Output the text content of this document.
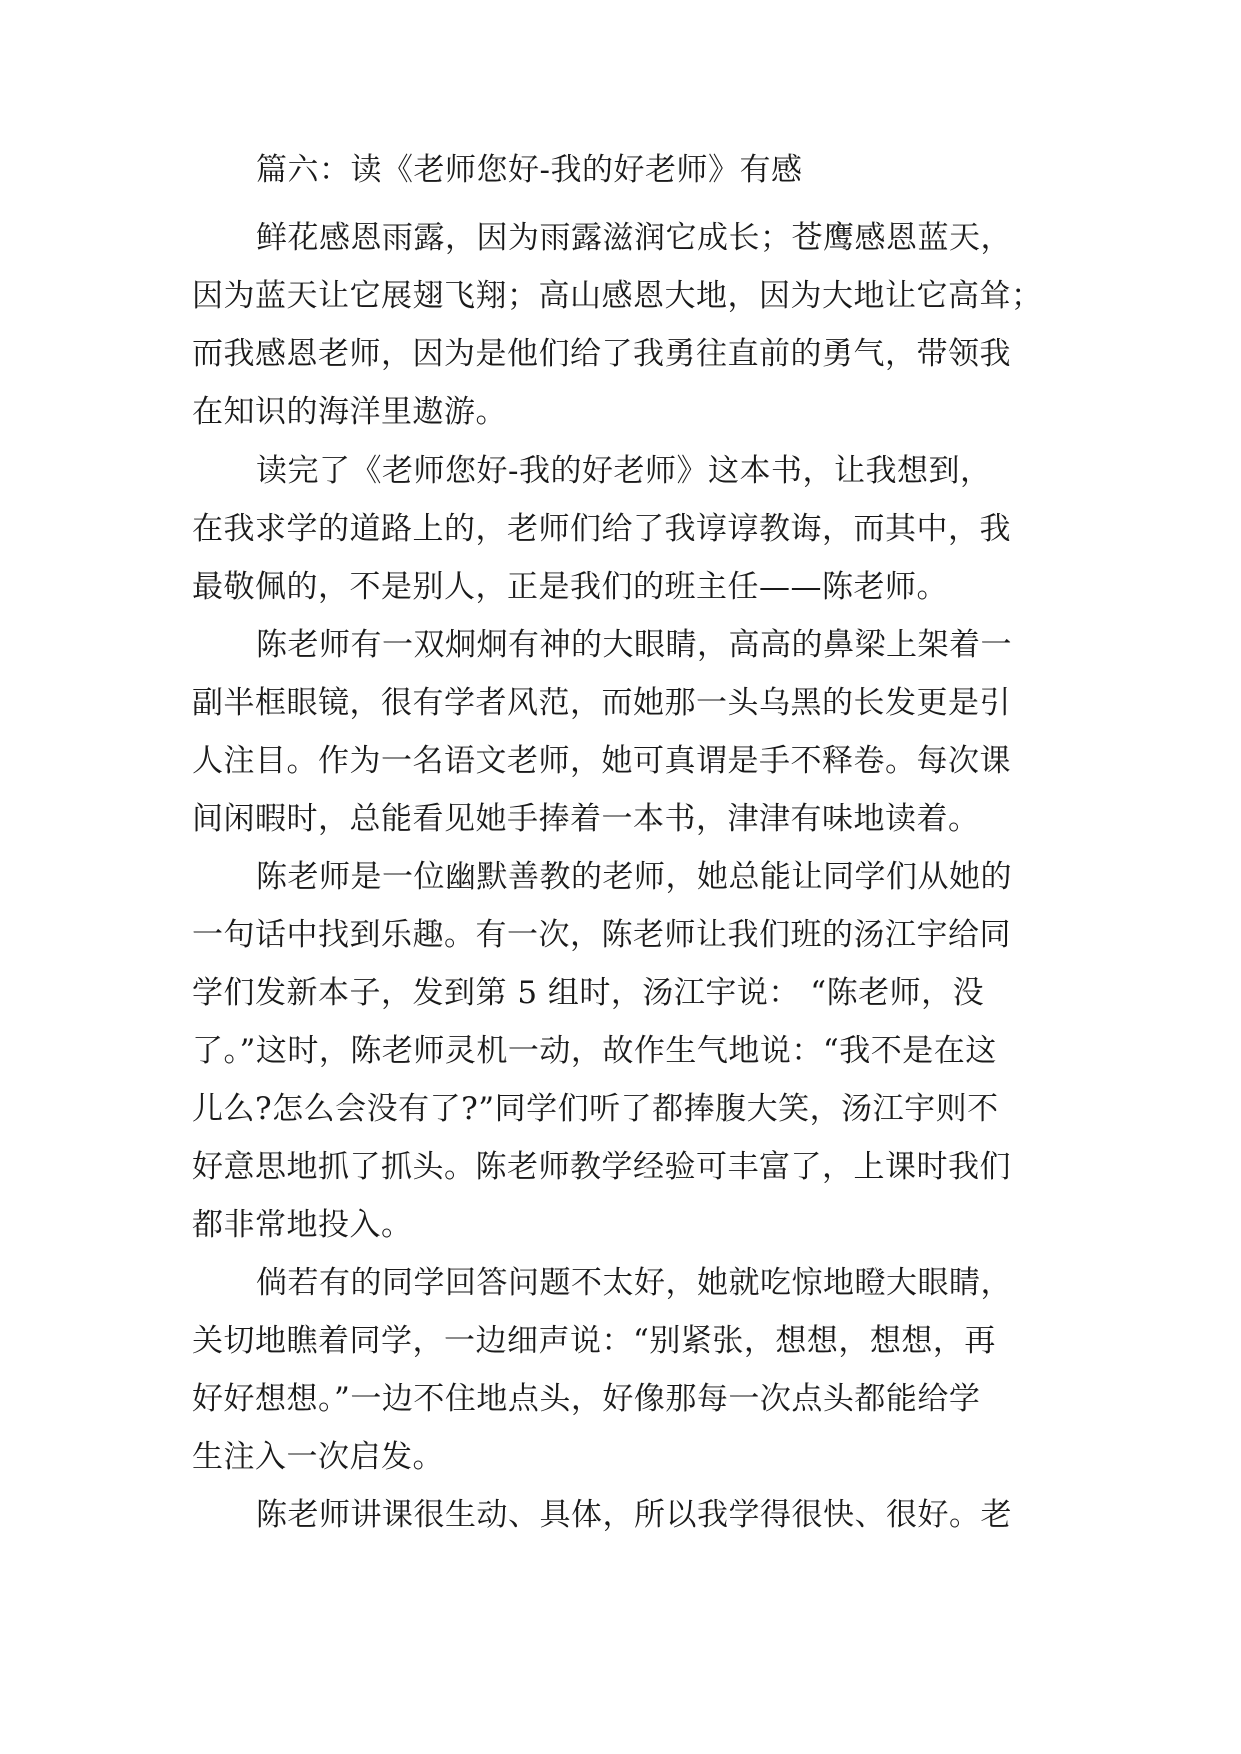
篇六：读《老师您好-我的好老师》有感
鲜花感恩雨露，因为雨露滋润它成长；苍鹰感恩蓝天，
因为蓝天让它展翅飞翔；高山感恩大地，因为大地让它高耸；
而我感恩老师，因为是他们给了我勇往直前的勇气，带领我
在知识的海洋里遨游。
读完了《老师您好-我的好老师》这本书，让我想到，
在我求学的道路上的，老师们给了我谆谆教诲，而其中，我
最敬佩的，不是别人，正是我们的班主任——陈老师。
陈老师有一双炯炯有神的大眼睛，高高的鼻梁上架着一
副半框眼镜，很有学者风范，而她那一头乌黑的长发更是引
人注目。作为一名语文老师，她可真谓是手不释卷。每次课
间闲暇时，总能看见她手捧着一本书，津津有味地读着。
陈老师是一位幽默善教的老师，她总能让同学们从她的
一句话中找到乐趣。有一次，陈老师让我们班的汤江宇给同
学们发新本子，发到第 5 组时，汤江宇说： “陈老师，没
了。”这时，陈老师灵机一动，故作生气地说：“我不是在这
儿么?怎么会没有了?”同学们听了都捧腹大笑，汤江宇则不
好意思地抓了抓头。陈老师教学经验可丰富了，上课时我们
都非常地投入。
倘若有的同学回答问题不太好，她就吃惊地瞪大眼睛，
关切地瞧着同学，一边细声说：“别紧张，想想，想想，再
好好想想。”一边不住地点头，好像那每一次点头都能给学
生注入一次启发。
陈老师讲课很生动、具体，所以我学得很快、很好。老
